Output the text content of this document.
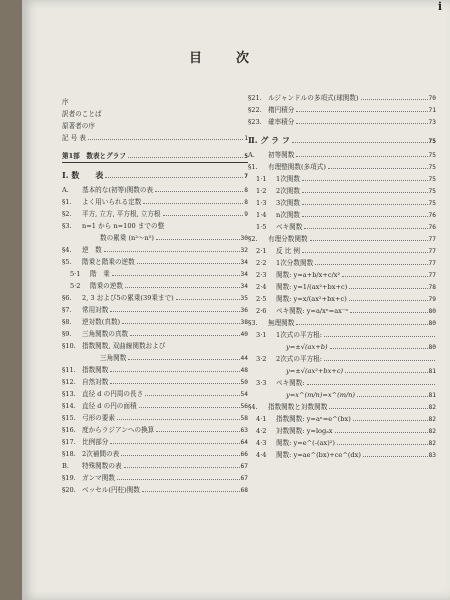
i
目次
序
訳者のことば
原著者の序
記 号 表	1
第1部　数表とグラフ	5
Ⅰ. 数　　表	7
A. 基本的な(初等)関数の表	8
§1. よく用いられる定数	8
§2. 平方, 立方, 平方根, 立方根	9
§3. n=1 から n=100 までの整
数の累乗 (n²～n⁵)	30
§4. 逆　数	32
§5. 階乗と階乗の逆数	34
5·1 階　乗	34
5·2 階乗の逆数	34
§6. 2, 3 および5の累乗(39乗まで)	35
§7. 常用対数	36
§8. 逆対数(真数)	38
§9. 三角関数の真数	40
§10. 指数関数, 双曲線関数および
三角関数	44
§11. 指数関数	48
§12. 自然対数	50
§13. 直径 d の円周の長さ	54
§14. 直径 d の円の面積	56
§15. 弓形の要素	58
§16. 度からラジアンへの換算	63
§17. 比例部分	64
§18. 2次補間の表	66
B. 特殊関数の表	67
§19. ガンマ関数	67
§20. ベッセル(円柱)関数	68
§21. ルジャンドルの多項式(球関数)	70
§22. 楕円積分	71
§23. 確率積分	73
Ⅱ. グ ラ フ	75
A. 初等関数	75
§1. 有理整関数(多項式)	75
1·1 1次関数	75
1·2 2次関数	75
1·3 3次関数	75
1·4 n次関数	76
1·5 ベキ関数	76
§2. 有理分数関数	77
2·1 反 比 例	77
2·2 1次分数関数	77
2·3 関数: y=a+b/x+c/x²	77
2·4 関数: y=1/(ax²+bx+c)	78
2·5 関数: y=x/(ax²+bx+c)	79
2·6 ベキ関数: y=a/xⁿ=ax⁻ⁿ	80
§3. 無理関数	80
3·1 1次式の平方根:
y=±√(ax+b)	80
3·2 2次式の平方根:
y=±√(ax²+bx+c)	81
3·3 ベキ関数:
y=x^(m/n)=x^(m/n)	81
§4. 指数関数と対数関数	82
4·1 指数関数: y=aⁿ=e^(bx)	82
4·2 対数関数: y=logₐx	82
4·3 関数: y=e^(-(ax)²)	82
4·4 関数: y=ae^(bx)+ce^(dx)	83
